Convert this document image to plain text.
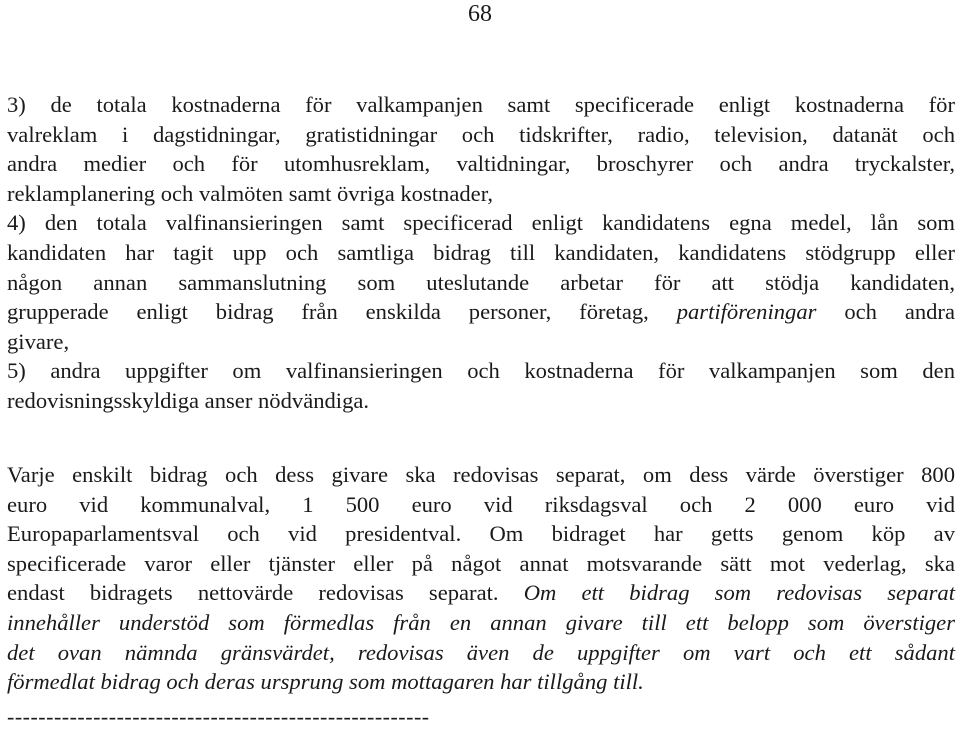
68
3) de totala kostnaderna för valkampanjen samt specificerade enligt kostnaderna för
valreklam i dagstidningar, gratistidningar och tidskrifter, radio, television, datanät och
andra medier och för utomhusreklam, valtidningar, broschyrer och andra tryckalster,
reklamplanering och valmöten samt övriga kostnader,
4) den totala valfinansieringen samt specificerad enligt kandidatens egna medel, lån som
kandidaten har tagit upp och samtliga bidrag till kandidaten, kandidatens stödgrupp eller
någon annan sammanslutning som uteslutande arbetar för att stödja kandidaten,
grupperade enligt bidrag från enskilda personer, företag, partiföreningar och andra
givare,
5) andra uppgifter om valfinansieringen och kostnaderna för valkampanjen som den
redovisningsskyldiga anser nödvändiga.
Varje enskilt bidrag och dess givare ska redovisas separat, om dess värde överstiger 800
euro vid kommunalval, 1 500 euro vid riksdagsval och 2 000 euro vid
Europaparlamentsval och vid presidentval. Om bidraget har getts genom köp av
specificerade varor eller tjänster eller på något annat motsvarande sätt mot vederlag, ska
endast bidragets nettovärde redovisas separat. Om ett bidrag som redovisas separat
innehåller understöd som förmedlas från en annan givare till ett belopp som överstiger
det ovan nämnda gränsvärdet, redovisas även de uppgifter om vart och ett sådant
förmedlat bidrag och deras ursprung som mottagaren har tillgång till.
------------------------------------------------------
